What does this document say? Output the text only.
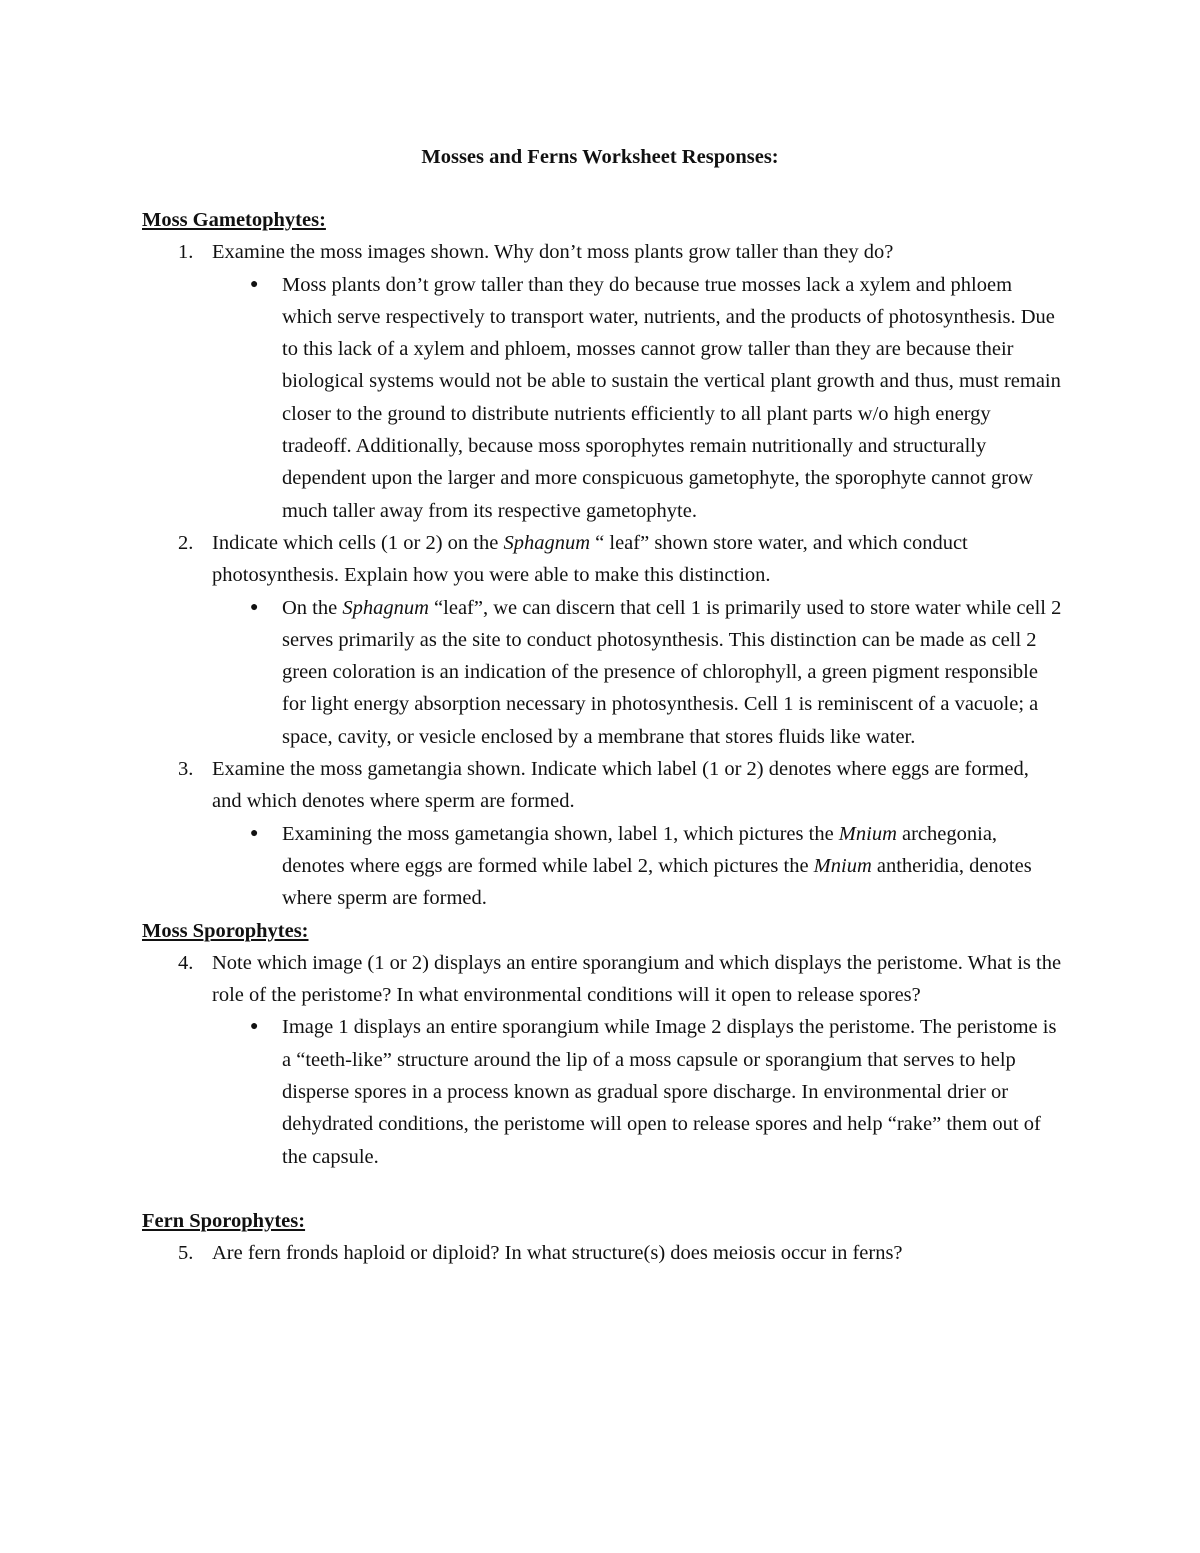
Mosses and Ferns Worksheet Responses:

Moss Gametophytes:

1. Examine the moss images shown. Why don’t moss plants grow taller than they do?

● Moss plants don’t grow taller than they do because true mosses lack a xylem and phloem which serve respectively to transport water, nutrients, and the products of photosynthesis. Due to this lack of a xylem and phloem, mosses cannot grow taller than they are because their biological systems would not be able to sustain the vertical plant growth and thus, must remain closer to the ground to distribute nutrients efficiently to all plant parts w/o high energy tradeoff. Additionally, because moss sporophytes remain nutritionally and structurally dependent upon the larger and more conspicuous gametophyte, the sporophyte cannot grow much taller away from its respective gametophyte.

2. Indicate which cells (1 or 2) on the Sphagnum “ leaf” shown store water, and which conduct photosynthesis. Explain how you were able to make this distinction.

● On the Sphagnum “leaf”, we can discern that cell 1 is primarily used to store water while cell 2 serves primarily as the site to conduct photosynthesis. This distinction can be made as cell 2 green coloration is an indication of the presence of chlorophyll, a green pigment responsible for light energy absorption necessary in photosynthesis. Cell 1 is reminiscent of a vacuole; a space, cavity, or vesicle enclosed by a membrane that stores fluids like water.

3. Examine the moss gametangia shown. Indicate which label (1 or 2) denotes where eggs are formed, and which denotes where sperm are formed.

● Examining the moss gametangia shown, label 1, which pictures the Mnium archegonia, denotes where eggs are formed while label 2, which pictures the Mnium antheridia, denotes where sperm are formed.

Moss Sporophytes:

4. Note which image (1 or 2) displays an entire sporangium and which displays the peristome. What is the role of the peristome? In what environmental conditions will it open to release spores?

● Image 1 displays an entire sporangium while Image 2 displays the peristome. The peristome is a “teeth-like” structure around the lip of a moss capsule or sporangium that serves to help disperse spores in a process known as gradual spore discharge. In environmental drier or dehydrated conditions, the peristome will open to release spores and help “rake” them out of the capsule.

Fern Sporophytes:

5. Are fern fronds haploid or diploid? In what structure(s) does meiosis occur in ferns?
